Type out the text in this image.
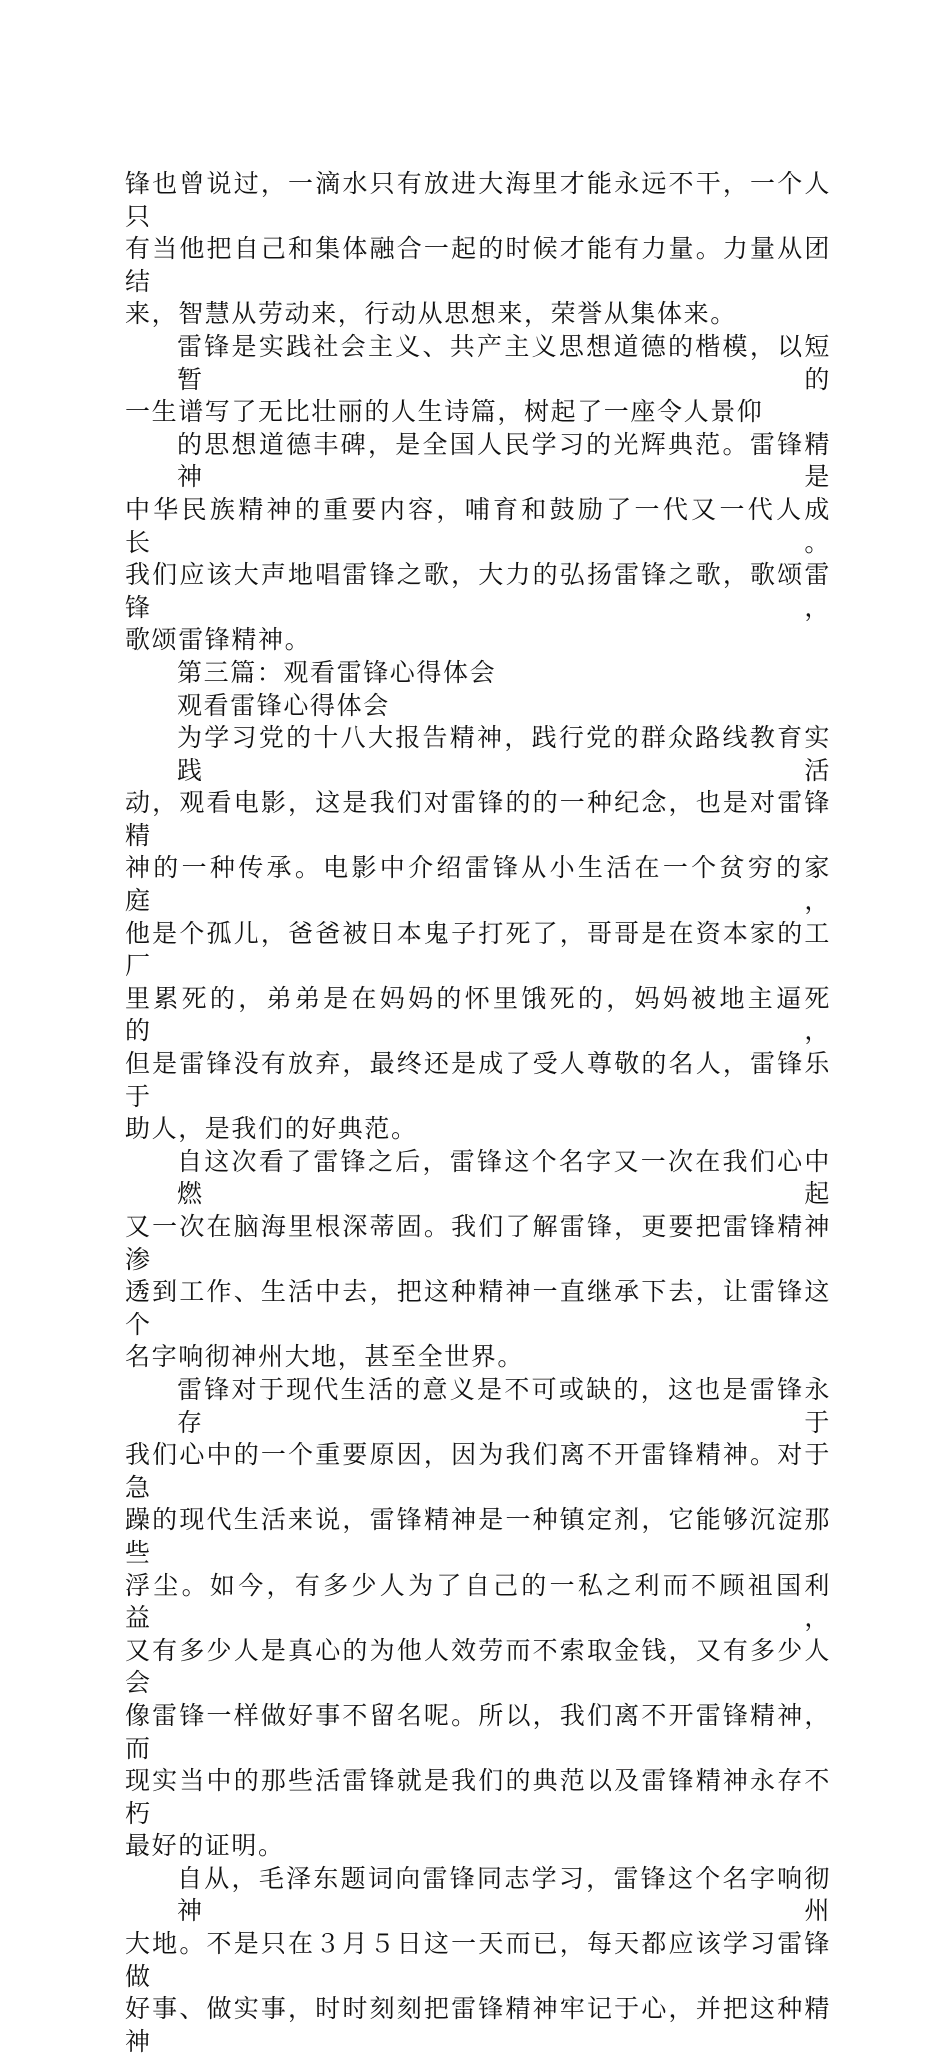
锋也曾说过，一滴水只有放进大海里才能永远不干，一个人只
有当他把自己和集体融合一起的时候才能有力量。力量从团结
来，智慧从劳动来，行动从思想来，荣誉从集体来。
雷锋是实践社会主义、共产主义思想道德的楷模，以短暂的
一生谱写了无比壮丽的人生诗篇，树起了一座令人景仰
的思想道德丰碑，是全国人民学习的光辉典范。雷锋精神是
中华民族精神的重要内容，哺育和鼓励了一代又一代人成长。
我们应该大声地唱雷锋之歌，大力的弘扬雷锋之歌，歌颂雷锋，
歌颂雷锋精神。
第三篇：观看雷锋心得体会
观看雷锋心得体会
为学习党的十八大报告精神，践行党的群众路线教育实践活
动，观看电影，这是我们对雷锋的的一种纪念，也是对雷锋精
神的一种传承。电影中介绍雷锋从小生活在一个贫穷的家庭，
他是个孤儿，爸爸被日本鬼子打死了，哥哥是在资本家的工厂
里累死的，弟弟是在妈妈的怀里饿死的，妈妈被地主逼死的，
但是雷锋没有放弃，最终还是成了受人尊敬的名人，雷锋乐于
助人，是我们的好典范。
自这次看了雷锋之后，雷锋这个名字又一次在我们心中燃起
又一次在脑海里根深蒂固。我们了解雷锋，更要把雷锋精神渗
透到工作、生活中去，把这种精神一直继承下去，让雷锋这个
名字响彻神州大地，甚至全世界。
雷锋对于现代生活的意义是不可或缺的，这也是雷锋永存于
我们心中的一个重要原因，因为我们离不开雷锋精神。对于急
躁的现代生活来说，雷锋精神是一种镇定剂，它能够沉淀那些
浮尘。如今，有多少人为了自己的一私之利而不顾祖国利益，
又有多少人是真心的为他人效劳而不索取金钱，又有多少人会
像雷锋一样做好事不留名呢。所以，我们离不开雷锋精神，而
现实当中的那些活雷锋就是我们的典范以及雷锋精神永存不朽
最好的证明。
自从，毛泽东题词向雷锋同志学习，雷锋这个名字响彻神州
大地。不是只在３月５日这一天而已，每天都应该学习雷锋做
好事、做实事，时时刻刻把雷锋精神牢记于心，并把这种精神
